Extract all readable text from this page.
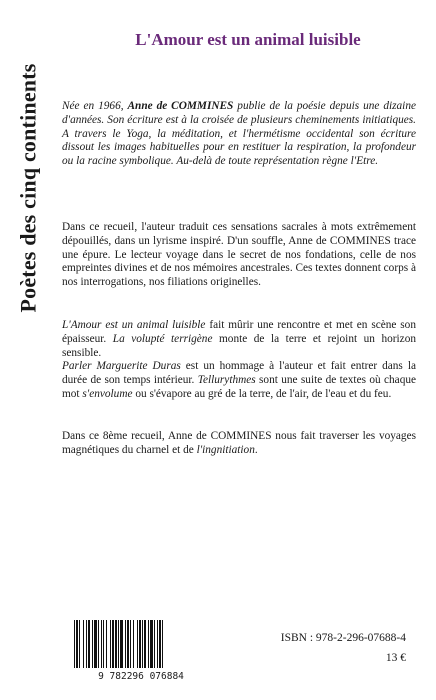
Poètes des cinq continents
L'Amour est un animal luisible
Née en 1966, Anne de COMMINES publie de la poésie depuis une dizaine d'années. Son écriture est à la croisée de plusieurs cheminements initiatiques. A travers le Yoga, la méditation, et l'hermétisme occidental son écriture dissout les images habituelles pour en restituer la respiration, la profondeur ou la racine symbolique. Au-delà de toute représentation règne l'Etre.

Dans ce recueil, l'auteur traduit ces sensations sacrales à mots extrêmement dépouillés, dans un lyrisme inspiré. D'un souffle, Anne de COMMINES trace une épure. Le lecteur voyage dans le secret de nos fondations, celle de nos empreintes divines et de nos mémoires ancestrales. Ces textes donnent corps à nos interrogations, nos filiations originelles.

L'Amour est un animal luisible fait mûrir une rencontre et met en scène son épaisseur. La volupté terrigène monte de la terre et rejoint un horizon sensible.

Parler Marguerite Duras est un hommage à l'auteur et fait entrer dans la durée de son temps intérieur. Tellurythmes sont une suite de textes où chaque mot s'envolume ou s'évapore au gré de la terre, de l'air, de l'eau et du feu.

Dans ce 8ème recueil, Anne de COMMINES nous fait traverser les voyages magnétiques du charnel et de l'ingnitiation.

9 782296 076884
ISBN : 978-2-296-07688-4
13 €
